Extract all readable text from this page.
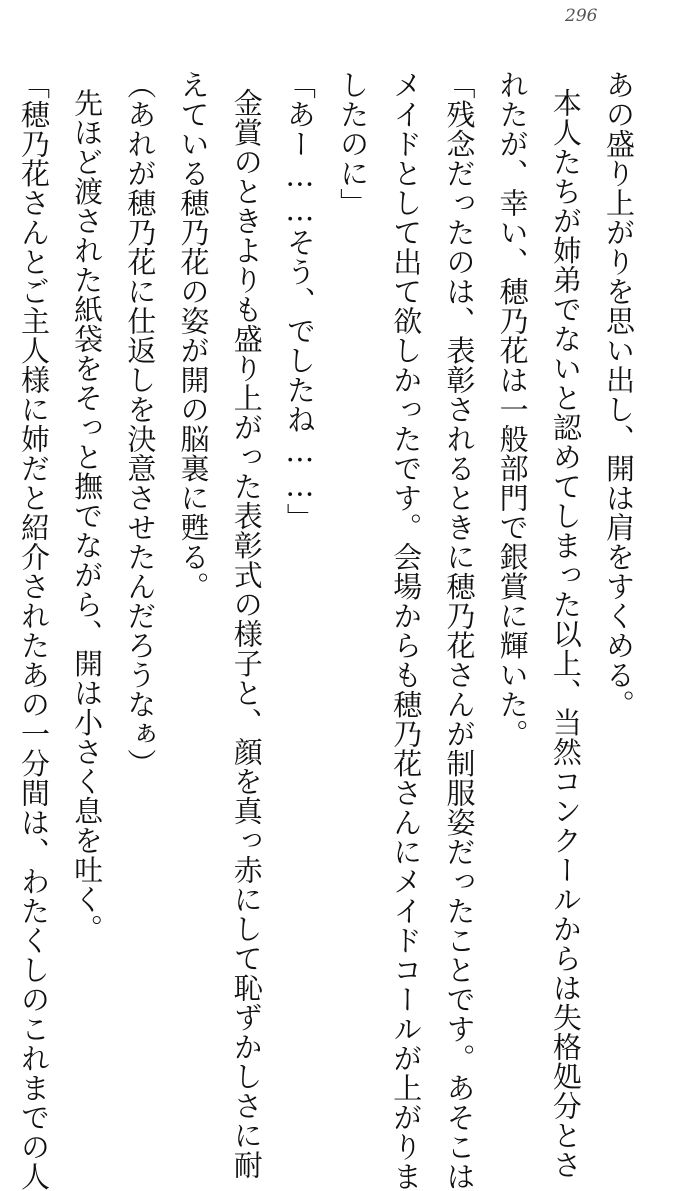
296
あの盛り上がりを思い出し、開は肩をすくめる。
本人たちが姉弟でないと認めてしまった以上、当然コンクールからは失格処分とさ
れたが、幸い、穂乃花は一般部門で銀賞に輝いた。
「残念だったのは、表彰されるときに穂乃花さんが制服姿だったことです。あそこは
メイドとして出て欲しかったです。会場からも穂乃花さんにメイドコールが上がりま
したのに」
「あー……そう、でしたね……」
金賞のときよりも盛り上がった表彰式の様子と、顔を真っ赤にして恥ずかしさに耐
えている穂乃花の姿が開の脳裏に甦る。
（あれが穂乃花に仕返しを決意させたんだろうなぁ）
先ほど渡された紙袋をそっと撫でながら、開は小さく息を吐く。
「穂乃花さんとご主人様に姉だと紹介されたあの一分間は、わたくしのこれまでの人
